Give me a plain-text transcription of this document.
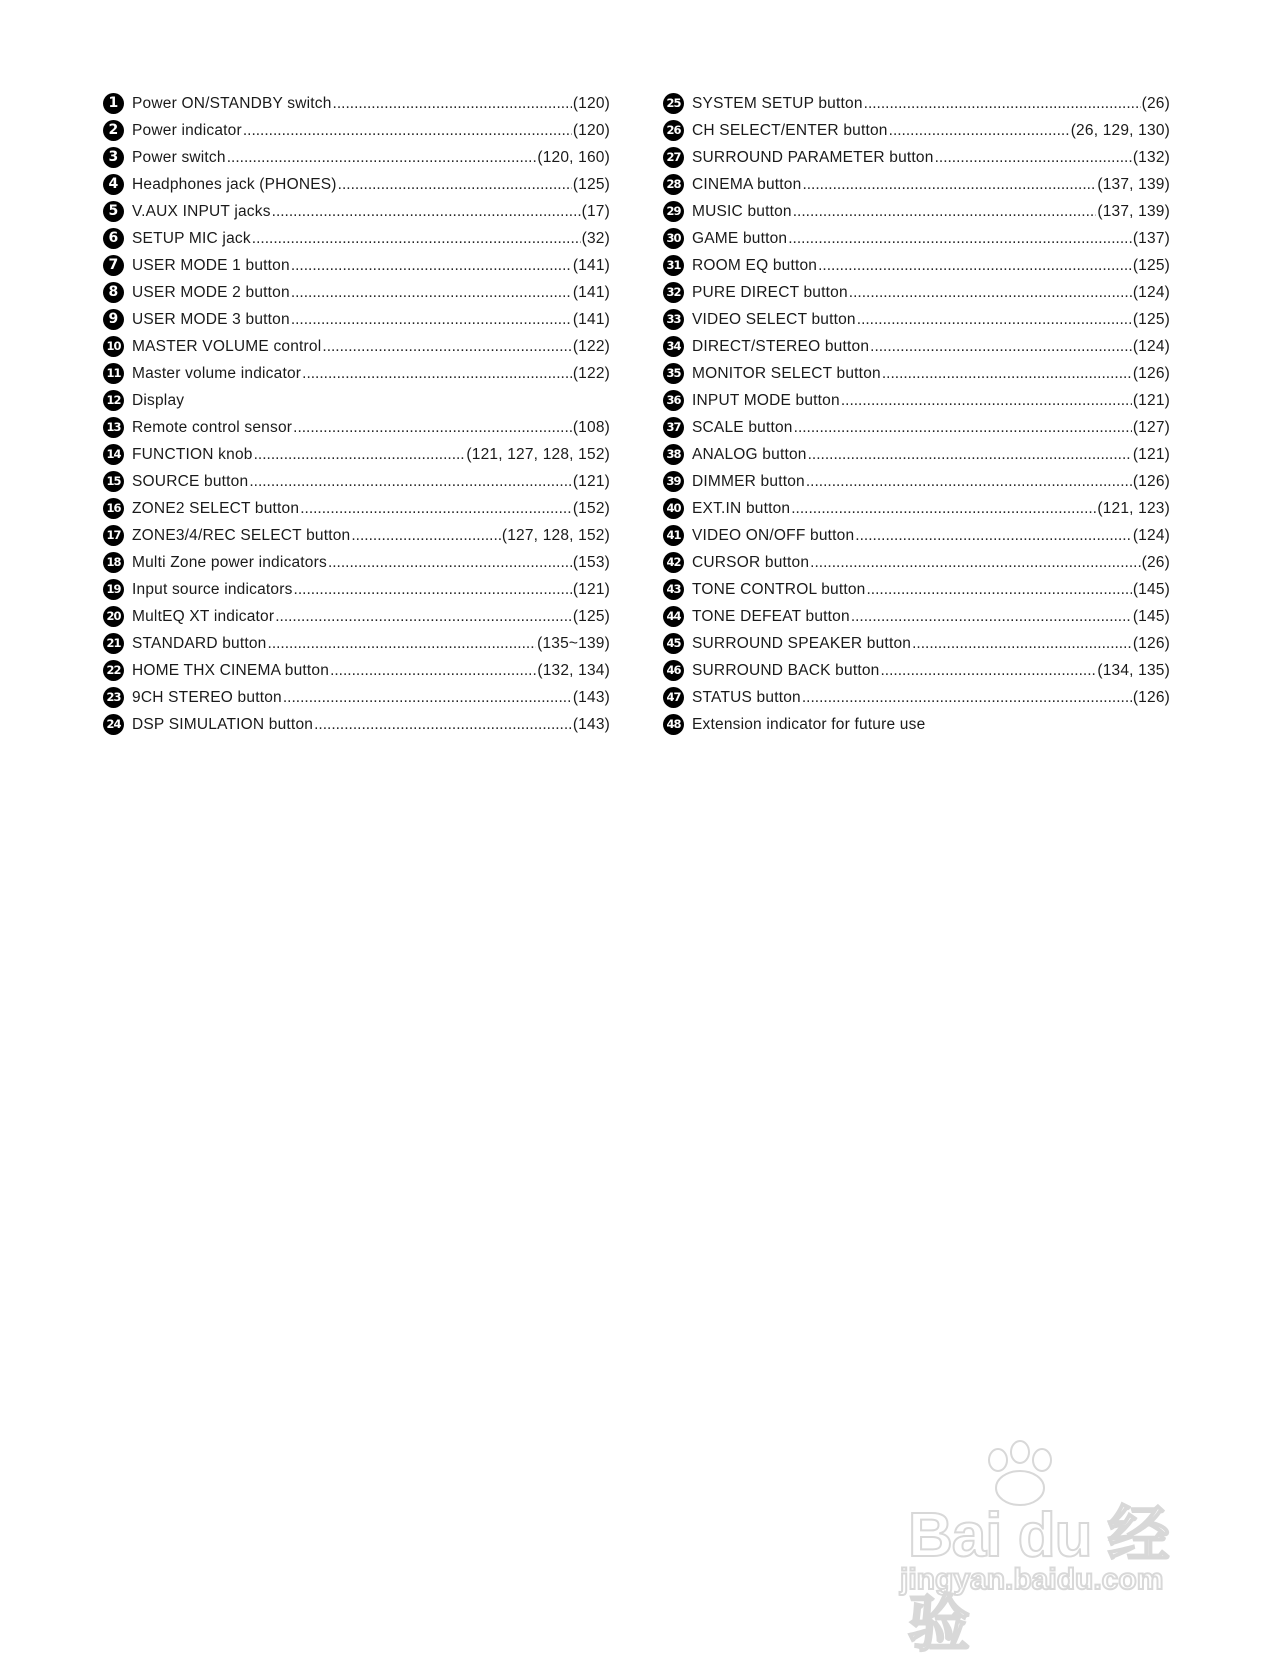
1 Power ON/STANDBY switch .....	(120)
2 Power indicator .....	(120)
3 Power switch .....	(120, 160)
4 Headphones jack (PHONES) .....	(125)
5 V.AUX INPUT jacks .....	(17)
6 SETUP MIC jack .....	(32)
7 USER MODE 1 button .....	(141)
8 USER MODE 2 button .....	(141)
9 USER MODE 3 button .....	(141)
10 MASTER VOLUME control .....	(122)
11 Master volume indicator .....	(122)
12 Display
13 Remote control sensor .....	(108)
14 FUNCTION knob .....	(121, 127, 128, 152)
15 SOURCE button .....	(121)
16 ZONE2 SELECT button .....	(152)
17 ZONE3/4/REC SELECT button .....	(127, 128, 152)
18 Multi Zone power indicators .....	(153)
19 Input source indicators .....	(121)
20 MultEQ XT indicator .....	(125)
21 STANDARD button .....	(135~139)
22 HOME THX CINEMA button .....	(132, 134)
23 9CH STEREO button .....	(143)
24 DSP SIMULATION button .....	(143)
25 SYSTEM SETUP button .....	(26)
26 CH SELECT/ENTER button .....	(26, 129, 130)
27 SURROUND PARAMETER button .....	(132)
28 CINEMA button .....	(137, 139)
29 MUSIC button .....	(137, 139)
30 GAME button .....	(137)
31 ROOM EQ button .....	(125)
32 PURE DIRECT button .....	(124)
33 VIDEO SELECT button .....	(125)
34 DIRECT/STEREO button .....	(124)
35 MONITOR SELECT button .....	(126)
36 INPUT MODE button .....	(121)
37 SCALE button .....	(127)
38 ANALOG button .....	(121)
39 DIMMER button .....	(126)
40 EXT.IN button .....	(121, 123)
41 VIDEO ON/OFF button .....	(124)
42 CURSOR button .....	(26)
43 TONE CONTROL button .....	(145)
44 TONE DEFEAT button .....	(145)
45 SURROUND SPEAKER button .....	(126)
46 SURROUND BACK button .....	(134, 135)
47 STATUS button .....	(126)
48 Extension indicator for future use
Bai du 经验
jingyan.baidu.com
